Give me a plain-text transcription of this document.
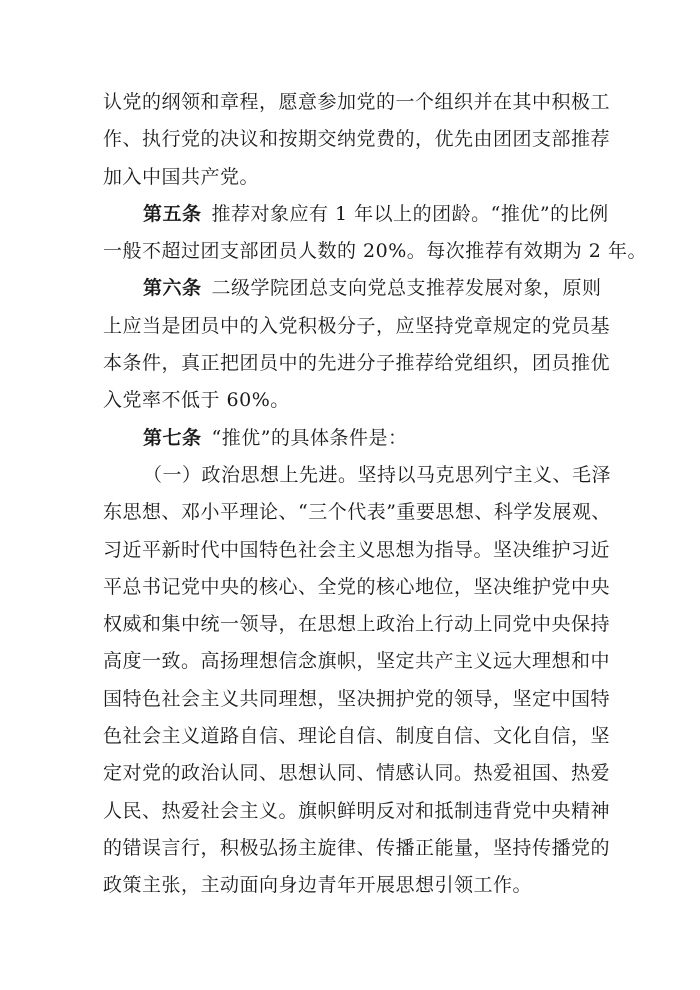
认党的纲领和章程，愿意参加党的一个组织并在其中积极工
作、执行党的决议和按期交纳党费的，优先由团团支部推荐
加入中国共产党。
第五条 推荐对象应有 1 年以上的团龄。“推优”的比例
一般不超过团支部团员人数的 20%。每次推荐有效期为 2 年。
第六条 二级学院团总支向党总支推荐发展对象，原则
上应当是团员中的入党积极分子，应坚持党章规定的党员基
本条件，真正把团员中的先进分子推荐给党组织，团员推优
入党率不低于 60%。
第七条 “推优”的具体条件是：
（一）政治思想上先进。坚持以马克思列宁主义、毛泽
东思想、邓小平理论、“三个代表”重要思想、科学发展观、
习近平新时代中国特色社会主义思想为指导。坚决维护习近
平总书记党中央的核心、全党的核心地位，坚决维护党中央
权威和集中统一领导，在思想上政治上行动上同党中央保持
高度一致。高扬理想信念旗帜，坚定共产主义远大理想和中
国特色社会主义共同理想，坚决拥护党的领导，坚定中国特
色社会主义道路自信、理论自信、制度自信、文化自信，坚
定对党的政治认同、思想认同、情感认同。热爱祖国、热爱
人民、热爱社会主义。旗帜鲜明反对和抵制违背党中央精神
的错误言行，积极弘扬主旋律、传播正能量，坚持传播党的
政策主张，主动面向身边青年开展思想引领工作。
